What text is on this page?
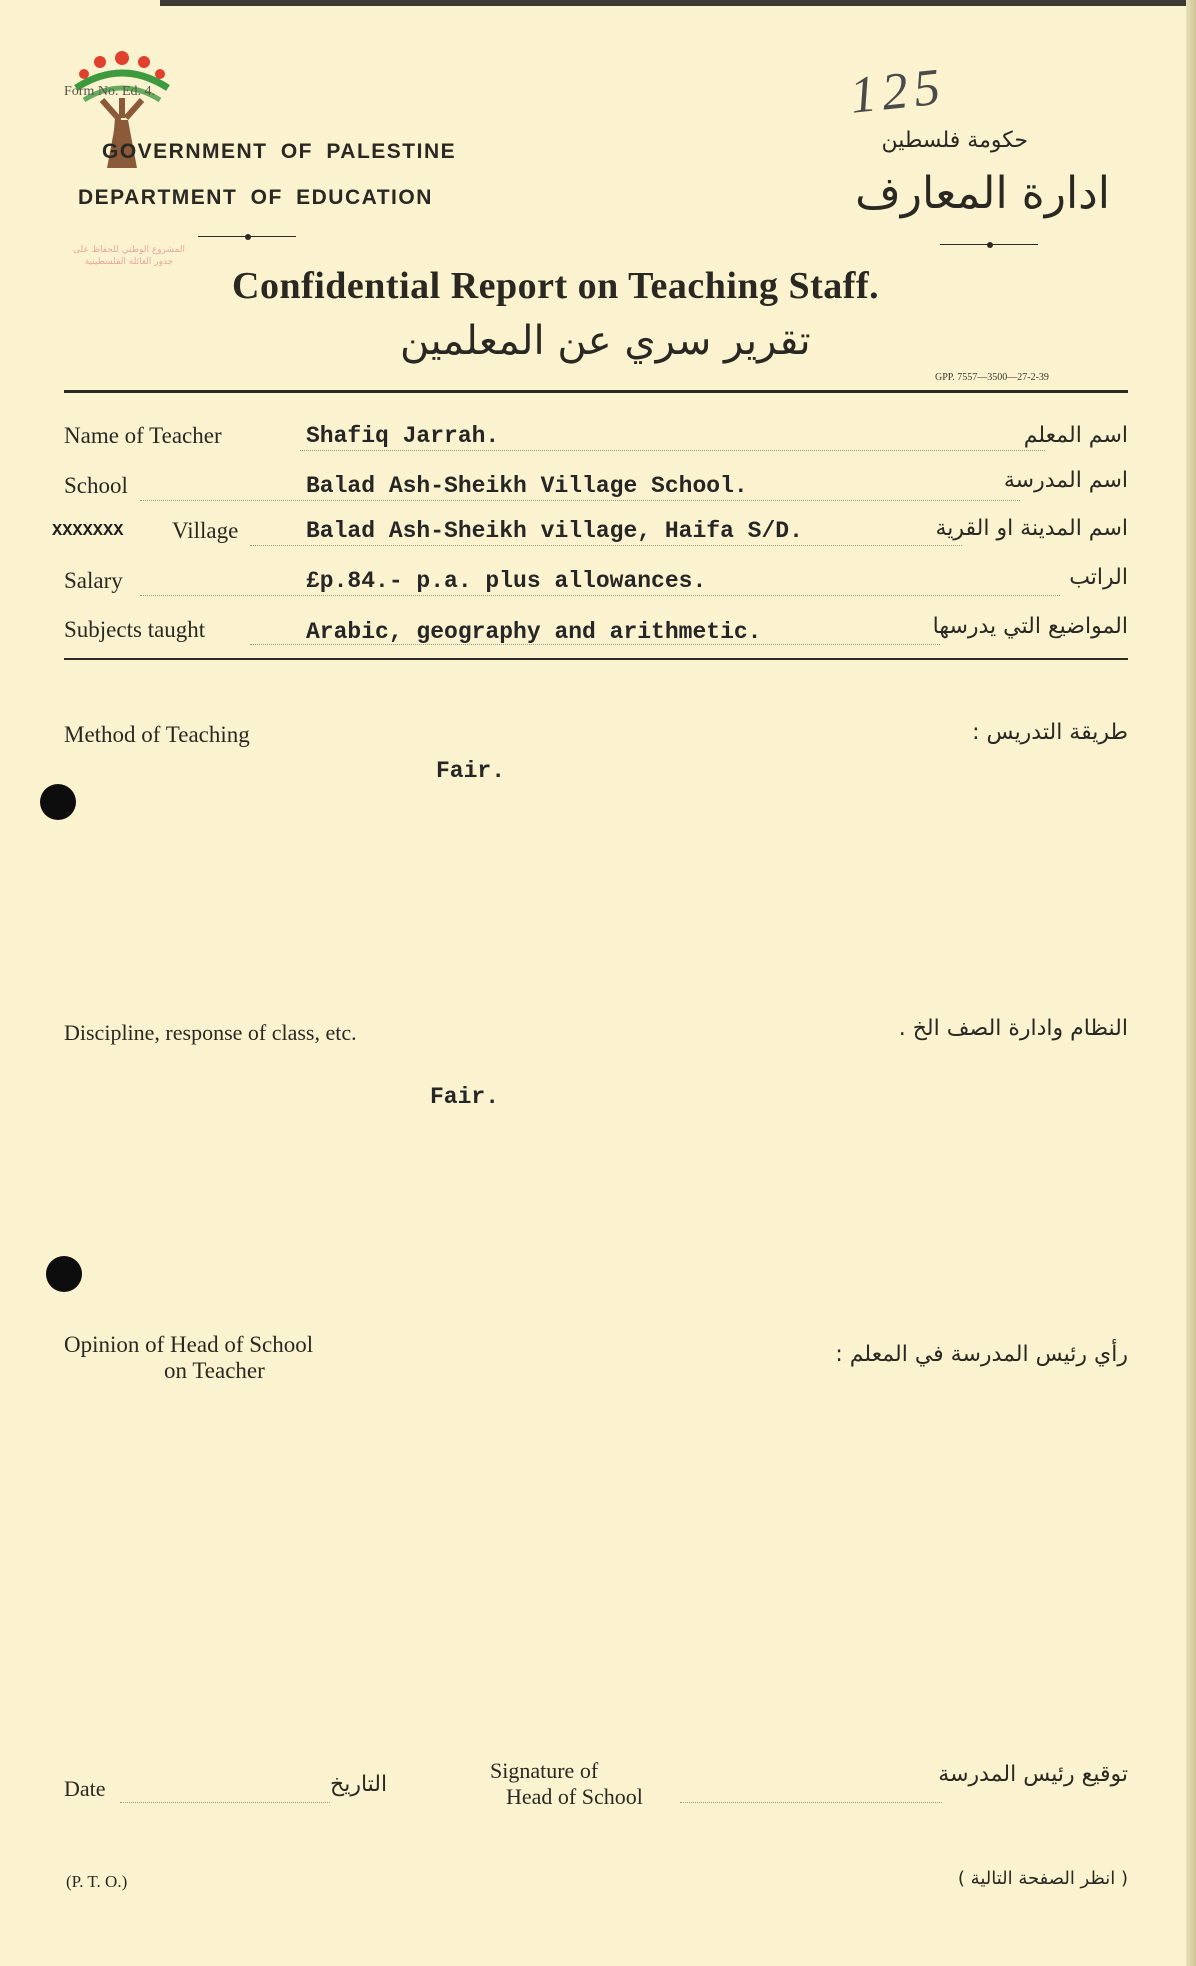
المشروع الوطني للحفاظ على
جذور العائلة الفلسطينية
Form No. Ed. 4.	125
GOVERNMENT OF PALESTINE
DEPARTMENT OF EDUCATION
حكومة فلسطين
ادارة المعارف
Confidential Report on Teaching Staff.
تقرير سري عن المعلمين
GPP. 7557—3500—27-2-39
Name of Teacher	Shafiq Jarrah.	اسم المعلم
School	Balad Ash-Sheikh Village School.	اسم المدرسة
XXXXXXX Village	Balad Ash-Sheikh village, Haifa S/D.	اسم المدينة او القرية
Salary	£p.84.- p.a. plus allowances.	الراتب
Subjects taught	Arabic, geography and arithmetic.	المواضيع التي يدرسها
Method of Teaching	طريقة التدريس :
Fair.
Discipline, response of class, etc.	النظام وادارة الصف الخ .
Fair.
Opinion of Head of School
on Teacher
رأي رئيس المدرسة في المعلم :
Date	التاريخ
Signature of
Head of School
توقيع رئيس المدرسة
(P. T. O.)	( انظر الصفحة التالية )
